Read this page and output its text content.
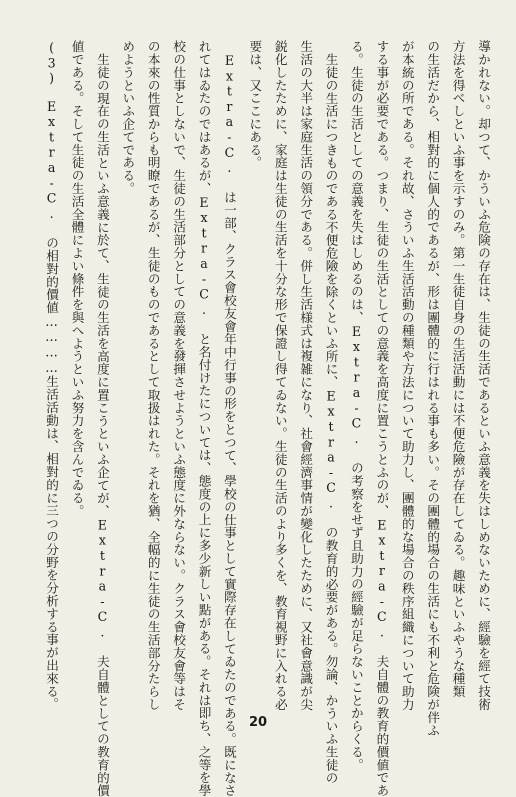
導かれない。却つて、かういふ危険の存在は、生徒の生活であるといふ意義を失はしめないために、經驗を經て技術
方法を得べしといふ事を示すのみ。第一生徒自身の生活活動には不便危險が存在してゐる。趣味といふやうな種類
の生活だから、相對的に個人的であるが、形は團體的に行はれる事も多い。その團體的場合の生活にも不利と危険が伴ふ
が本統の所である。それ故、さういふ生活活動の種類や方法について助力し、團體的な場合の秩序組織について助力
する事が必要である。つまり、生徒の生活としての意義を高度に置こうとふのが、Extra-C. 夫自體の教育的價値であ
る。生徒の生活としての意義を失はしめるのは、Extra-C. の考察をせず且助力の經驗が足らないことからくる。
生徒の生活につきものである不便危險を除くといふ所に、Extra-C. の教育的必要がある。勿論、かういふ生徒の
生活の大半は家庭生活の領分である。併し生活様式は複雑になり、社會經濟事情が變化したために、又社會意識が尖
鋭化したために、家庭は生徒の生活を十分な形で保證し得てゐない。生徒の生活のより多くを、教育視野に入れる必
要は、又ここにある。
Extra-C. は一部、クラス會校友會年中行事の形をとつて、學校の仕事として實際存在してゐたのである。既になさ
れてはゐたのではあるが、Extra-C. と名付けたについては、態度の上に多少新しい點がある。それは即ち、之等を學
校の仕事としないで、生徒の生活部分としての意義を發揮させようといふ態度に外ならない。クラス會校友會等はそ
の本來の性質からも明瞭であるが、生徒のものであるとして取扱はれた。それを猶、全幅的に生徒の生活部分たらし
めようといふ企てである。
生徒の現在の生活といふ意義に於て、生徒の生活を高度に置こうといふ企てが、Extra-C. 夫自體としての教育的價
値である。そして生徒の生活全體によい條件を與へようといふ努力を含んでゐる。
(3)　Extra-C. の相對的價値…………生活活動は、相對的に三つの分野を分析する事が出來る。
20
